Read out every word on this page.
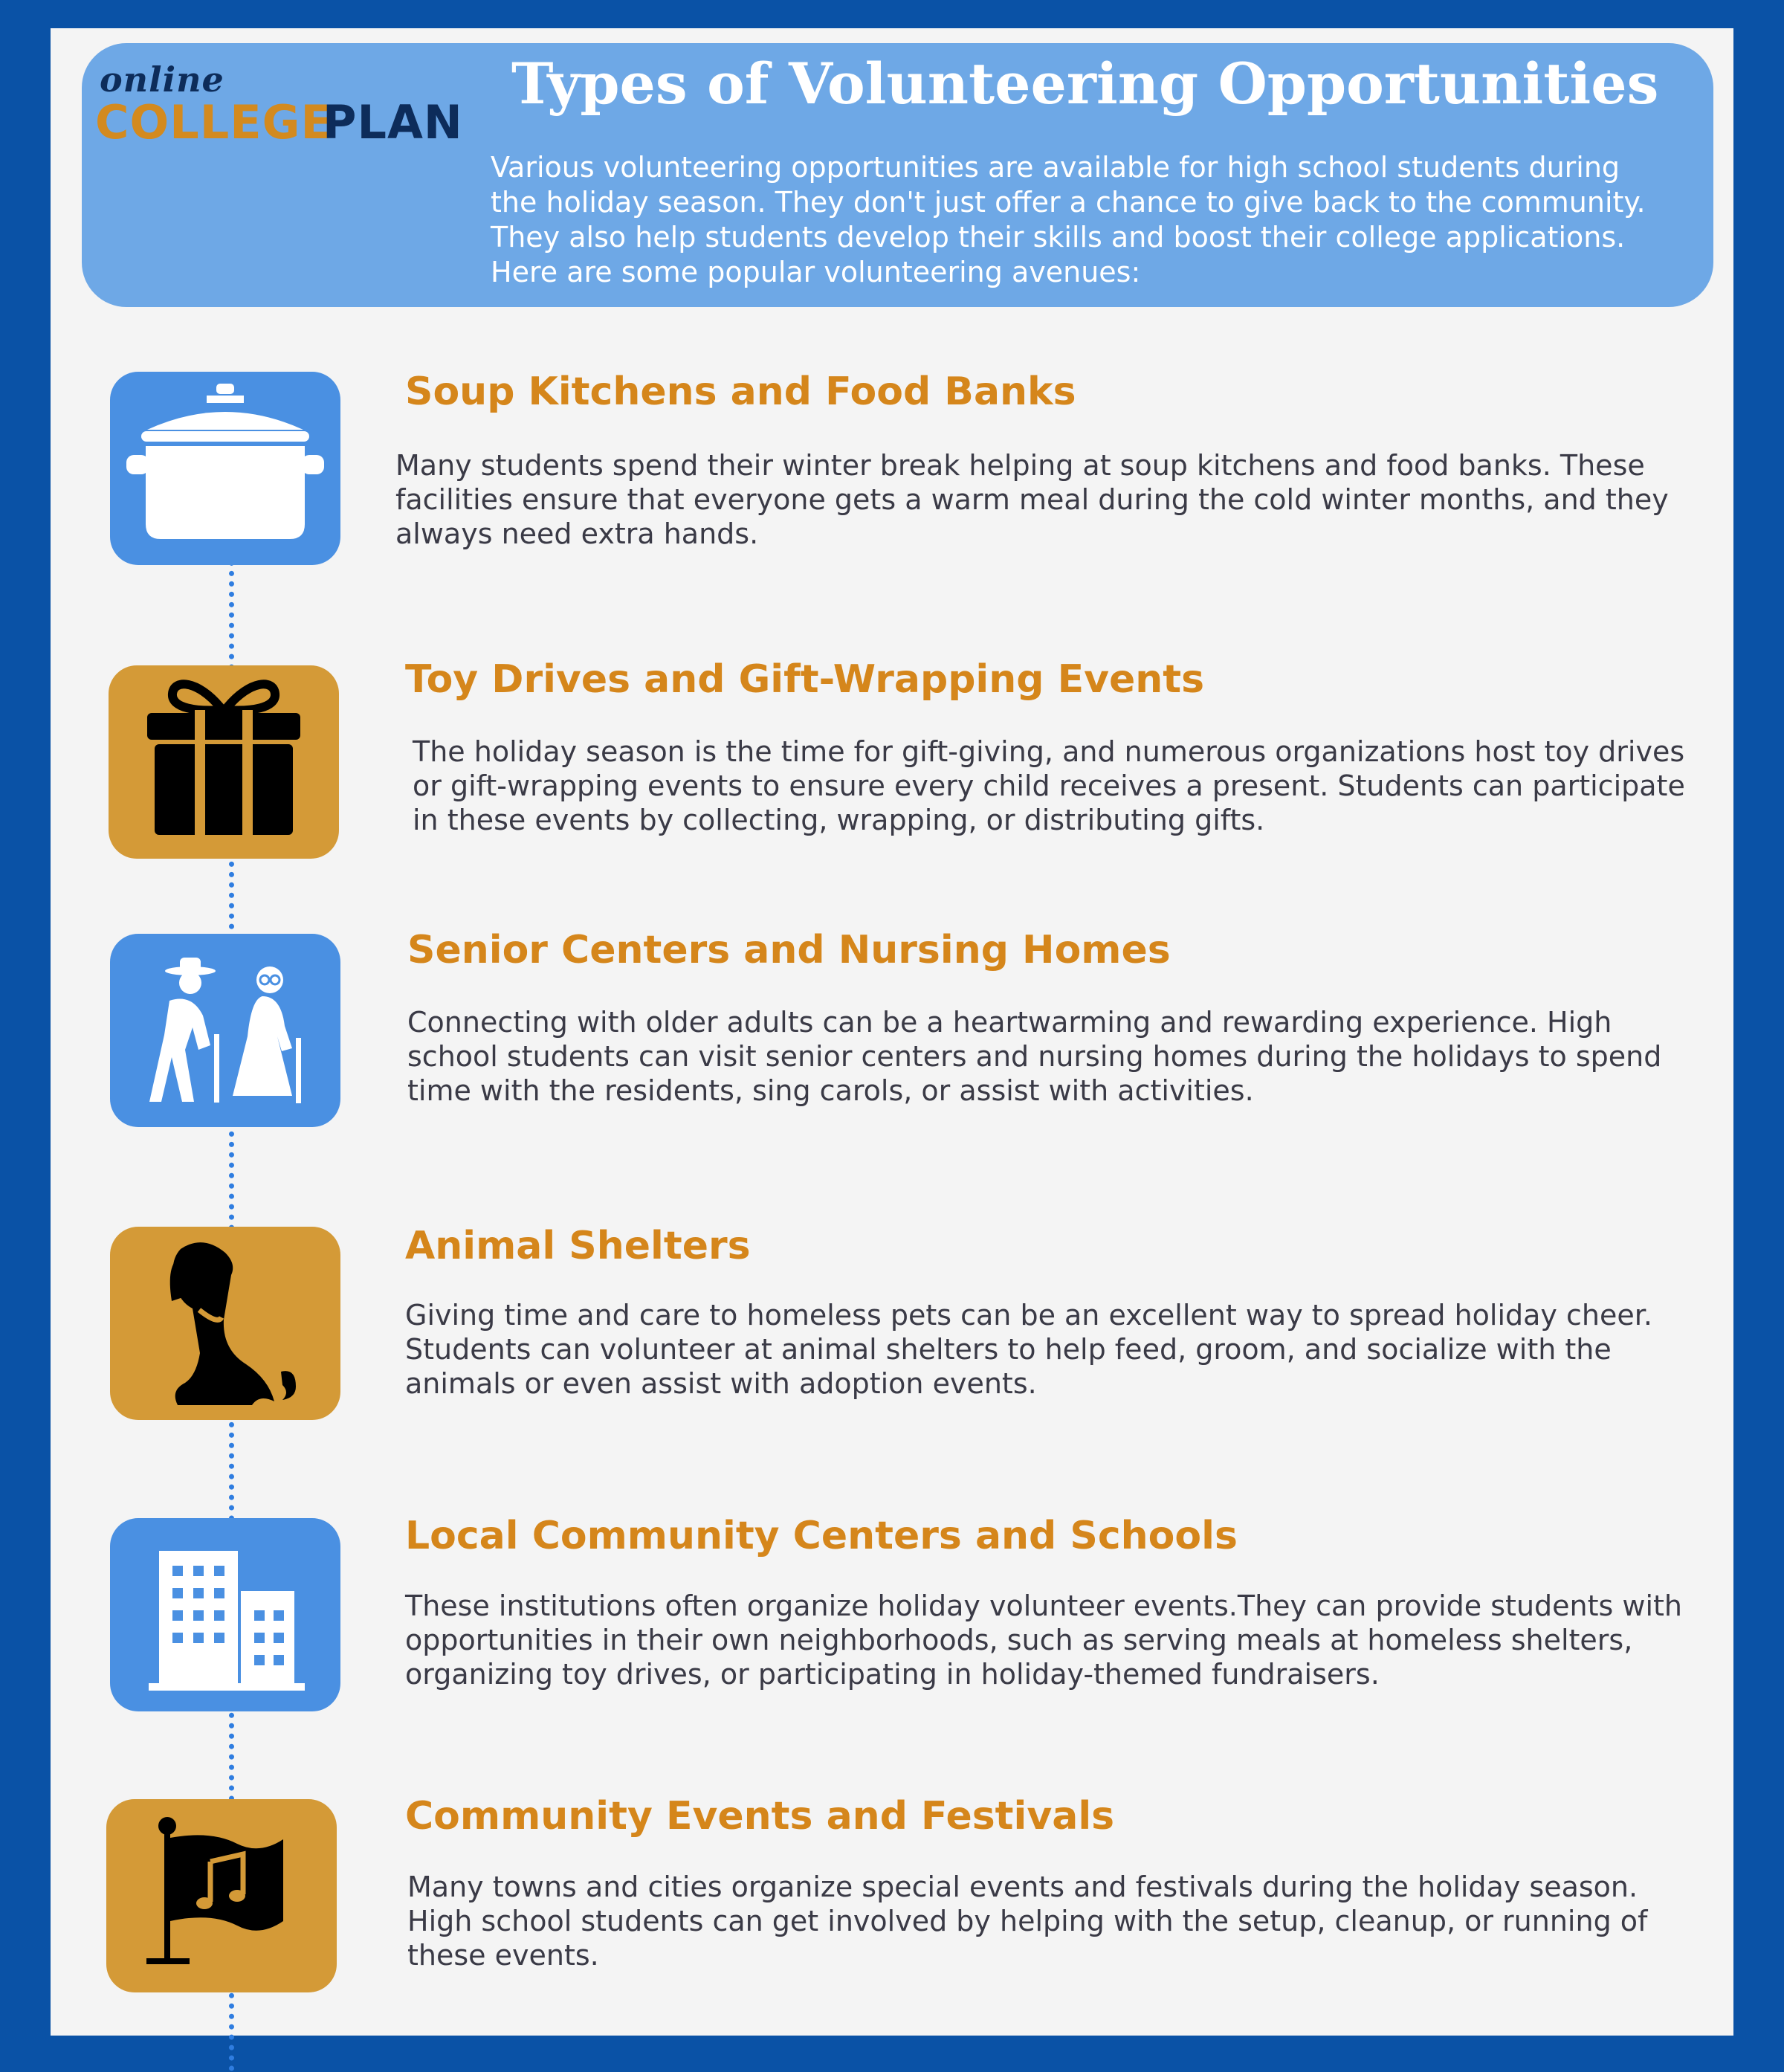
online
COLLEGE
PLAN
Types of Volunteering Opportunities
Various volunteering opportunities are available for high school students during the holiday season. They don't just offer a chance to give back to the community. They also help students develop their skills and boost their college applications. Here are some popular volunteering avenues:
Soup Kitchens and Food Banks
Many students spend their winter break helping at soup kitchens and food banks. These facilities ensure that everyone gets a warm meal during the cold winter months, and they always need extra hands.
Toy Drives and Gift-Wrapping Events
The holiday season is the time for gift-giving, and numerous organizations host toy drives or gift-wrapping events to ensure every child receives a present. Students can participate in these events by collecting, wrapping, or distributing gifts.
Senior Centers and Nursing Homes
Connecting with older adults can be a heartwarming and rewarding experience. High school students can visit senior centers and nursing homes during the holidays to spend time with the residents, sing carols, or assist with activities.
Animal Shelters
Giving time and care to homeless pets can be an excellent way to spread holiday cheer. Students can volunteer at animal shelters to help feed, groom, and socialize with the animals or even assist with adoption events.
Local Community Centers and Schools
These institutions often organize holiday volunteer events.They can provide students with opportunities in their own neighborhoods, such as serving meals at homeless shelters, organizing toy drives, or participating in holiday-themed fundraisers.
Community Events and Festivals
Many towns and cities organize special events and festivals during the holiday season. High school students can get involved by helping with the setup, cleanup, or running of these events.
